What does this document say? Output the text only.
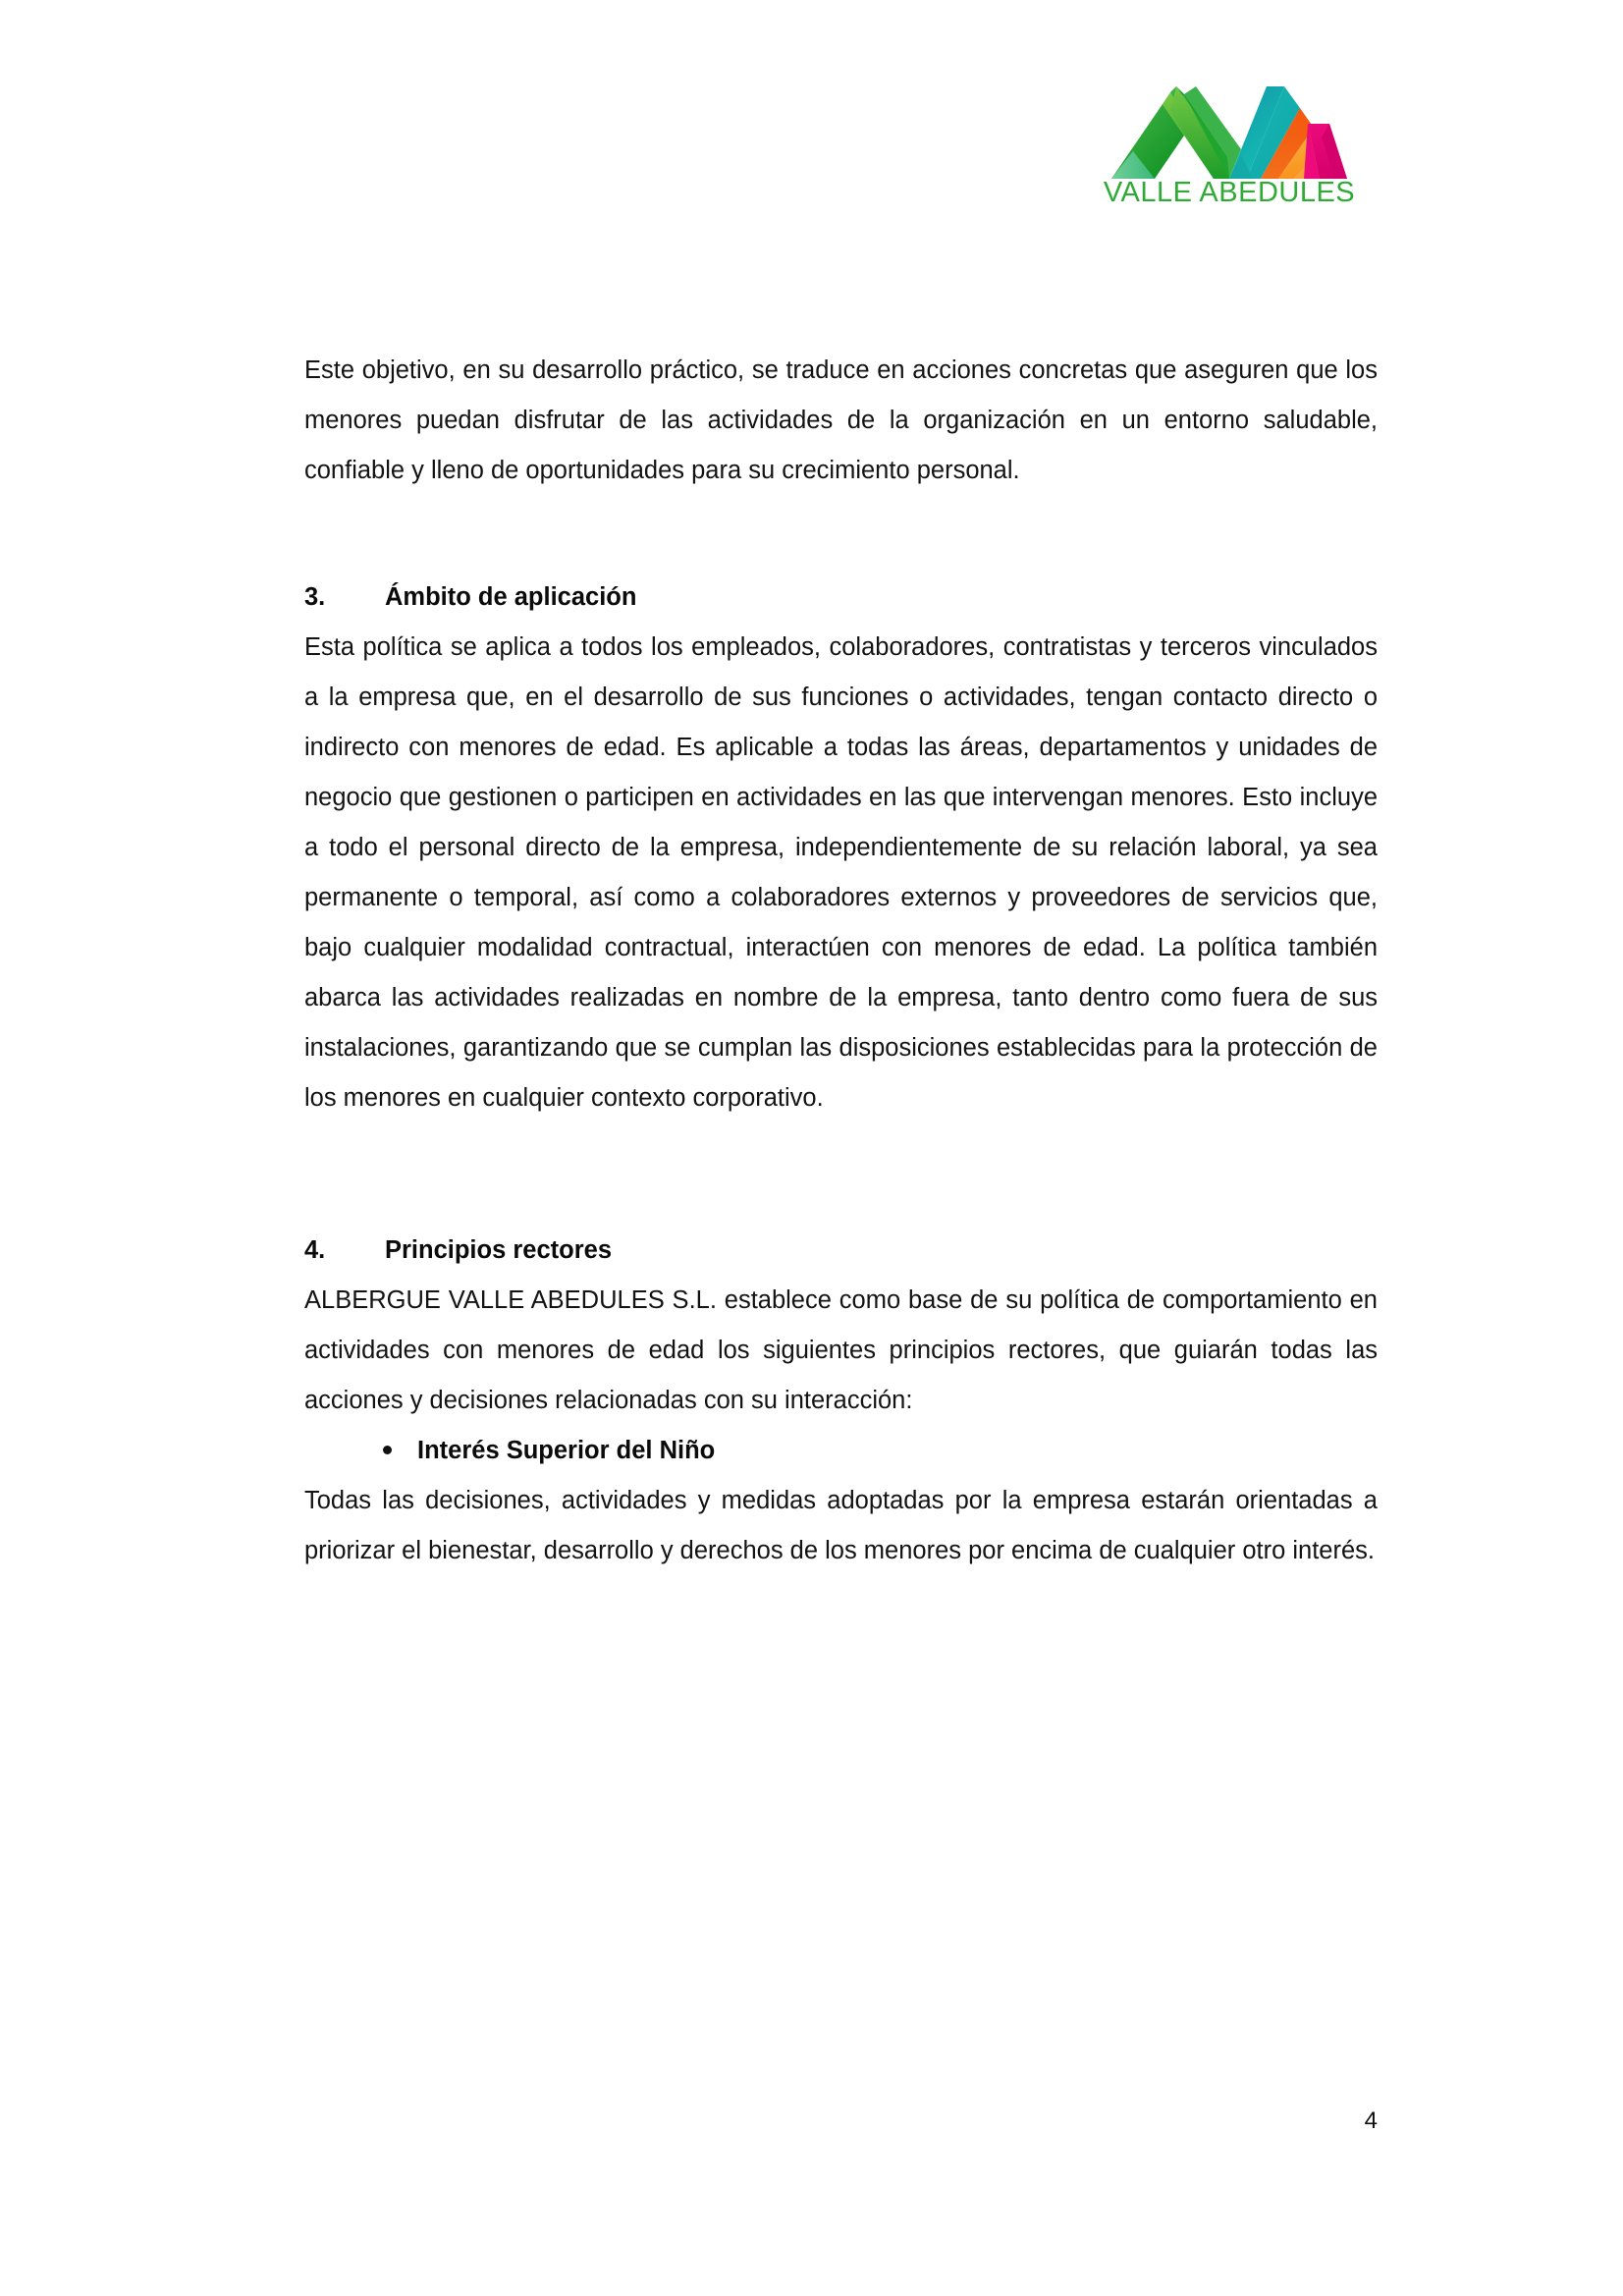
VALLE ABEDULES

Este objetivo, en su desarrollo práctico, se traduce en acciones concretas que aseguren que los menores puedan disfrutar de las actividades de la organización en un entorno saludable, confiable y lleno de oportunidades para su crecimiento personal.

3.	Ámbito de aplicación

Esta política se aplica a todos los empleados, colaboradores, contratistas y terceros vinculados a la empresa que, en el desarrollo de sus funciones o actividades, tengan contacto directo o indirecto con menores de edad. Es aplicable a todas las áreas, departamentos y unidades de negocio que gestionen o participen en actividades en las que intervengan menores. Esto incluye a todo el personal directo de la empresa, independientemente de su relación laboral, ya sea permanente o temporal, así como a colaboradores externos y proveedores de servicios que, bajo cualquier modalidad contractual, interactúen con menores de edad. La política también abarca las actividades realizadas en nombre de la empresa, tanto dentro como fuera de sus instalaciones, garantizando que se cumplan las disposiciones establecidas para la protección de los menores en cualquier contexto corporativo.

4.	Principios rectores

ALBERGUE VALLE ABEDULES S.L. establece como base de su política de comportamiento en actividades con menores de edad los siguientes principios rectores, que guiarán todas las acciones y decisiones relacionadas con su interacción:

Interés Superior del Niño

Todas las decisiones, actividades y medidas adoptadas por la empresa estarán orientadas a priorizar el bienestar, desarrollo y derechos de los menores por encima de cualquier otro interés.

4
